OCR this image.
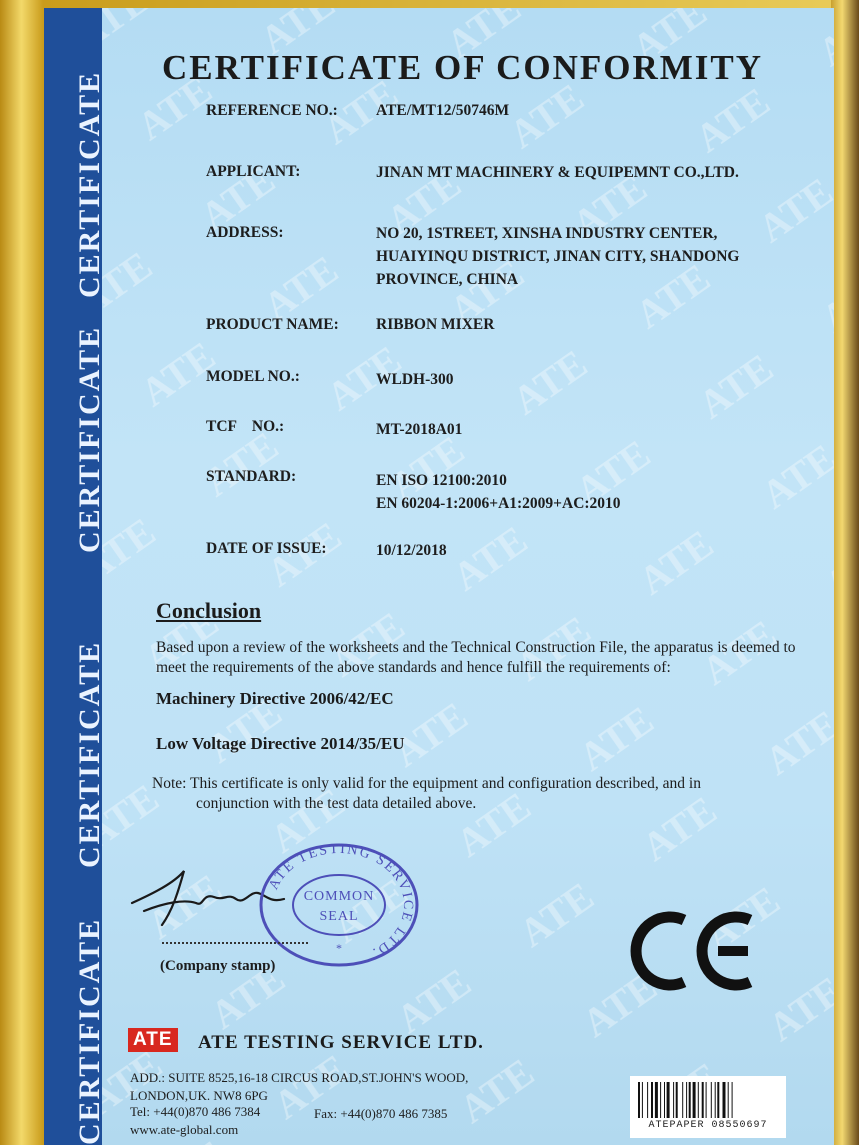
CERTIFICATE
CERTIFICATE
CERTIFICATE
CERTIFICATE
CERTIFICATE OF CONFORMITY
REFERENCE NO.: ATE/MT12/50746M
APPLICANT:	JINAN MT MACHINERY & EQUIPEMNT CO.,LTD.
ADDRESS:	NO 20, 1STREET, XINSHA INDUSTRY CENTER,
HUAIYINQU DISTRICT, JINAN CITY, SHANDONG
PROVINCE, CHINA
PRODUCT NAME: RIBBON MIXER
MODEL NO.:	WLDH-300
TCF    NO.:	MT-2018A01
STANDARD:	EN ISO 12100:2010
EN 60204-1:2006+A1:2009+AC:2010
DATE OF ISSUE:	10/12/2018
Conclusion
Based upon a review of the worksheets and the Technical Construction File, the apparatus is deemed to meet the requirements of the above standards and hence fulfill the requirements of:
Machinery Directive 2006/42/EC
Low Voltage Directive 2014/35/EU
Note: This certificate is only valid for the equipment and configuration described, and in
conjunction with the test data detailed above.
ATE TESTING SERVICE LTD.
COMMON
SEAL
*
(Company stamp)
ATE ATE TESTING SERVICE LTD.
ADD.: SUITE 8525,16-18 CIRCUS ROAD,ST.JOHN'S WOOD,
LONDON,UK. NW8 6PG
Tel: +44(0)870 486 7384	Fax: +44(0)870 486 7385
www.ate-global.com	ATEPAPER 08550697
